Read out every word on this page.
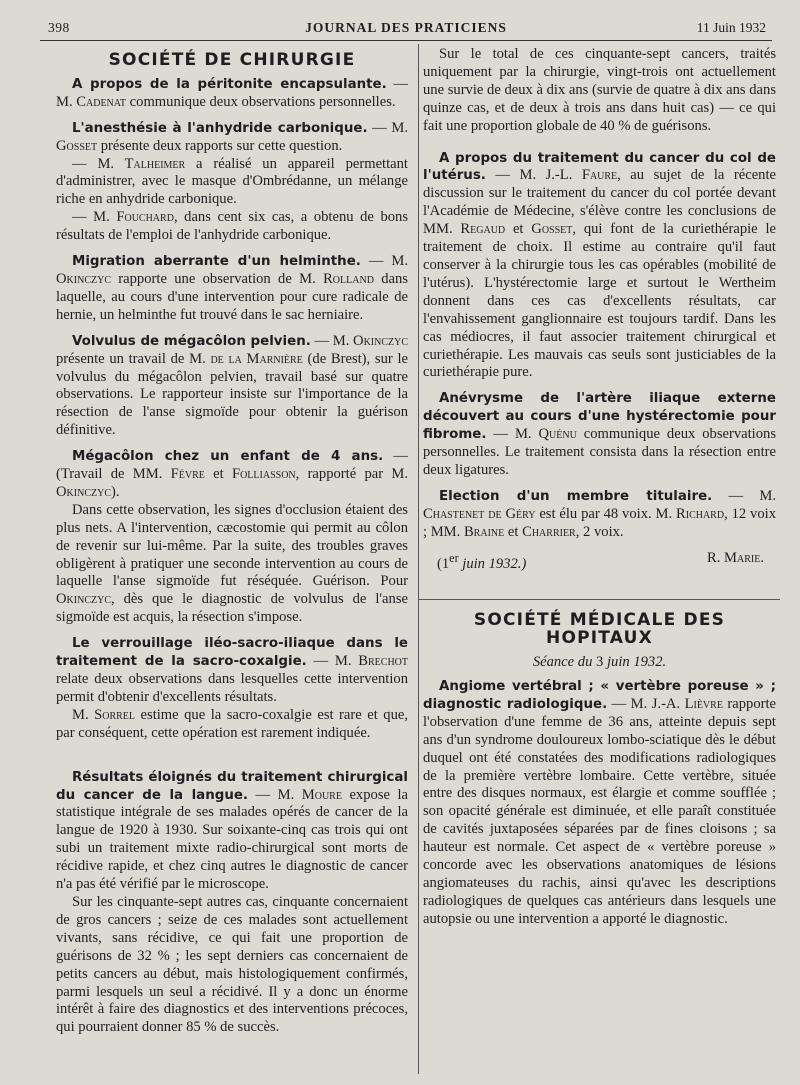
398	JOURNAL DES PRATICIENS	11 Juin 1932
SOCIÉTÉ DE CHIRURGIE

A propos de la péritonite encapsulante. — M. Cadenat communique deux observations personnelles.

L'anesthésie à l'anhydride carbonique. — M. Gosset présente deux rapports sur cette question.

— M. Talheimer a réalisé un appareil permettant d'administrer, avec le masque d'Ombrédanne, un mélange riche en anhydride carbonique.

— M. Fouchard, dans cent six cas, a obtenu de bons résultats de l'emploi de l'anhydride carbonique.

Migration aberrante d'un helminthe. — M. Okinczyc rapporte une observation de M. Rolland dans laquelle, au cours d'une intervention pour cure radicale de hernie, un helminthe fut trouvé dans le sac herniaire.

Volvulus de mégacôlon pelvien. — M. Okinczyc présente un travail de M. de la Marnière (de Brest), sur le volvulus du mégacôlon pelvien, travail basé sur quatre observations. Le rapporteur insiste sur l'importance de la résection de l'anse sigmoïde pour obtenir la guérison définitive.

Mégacôlon chez un enfant de 4 ans. — (Travail de MM. Févre et Folliasson, rapporté par M. Okinczyc).

Dans cette observation, les signes d'occlusion étaient des plus nets. A l'intervention, cæcostomie qui permit au côlon de revenir sur lui-même. Par la suite, des troubles graves obligèrent à pratiquer une seconde intervention au cours de laquelle l'anse sigmoïde fut réséquée. Guérison. Pour Okinczyc, dès que le diagnostic de volvulus de l'anse sigmoïde est acquis, la résection s'impose.

Le verrouillage iléo-sacro-iliaque dans le traitement de la sacro-coxalgie. — M. Brechot relate deux observations dans lesquelles cette intervention permit d'obtenir d'excellents résultats.

M. Sorrel estime que la sacro-coxalgie est rare et que, par conséquent, cette opération est rarement indiquée.

Résultats éloignés du traitement chirurgical du cancer de la langue. — M. Moure expose la statistique intégrale de ses malades opérés de cancer de la langue de 1920 à 1930. Sur soixante-cinq cas trois qui ont subi un traitement mixte radio-chirurgical sont morts de récidive rapide, et chez cinq autres le diagnostic de cancer n'a pas été vérifié par le microscope.

Sur les cinquante-sept autres cas, cinquante concernaient de gros cancers ; seize de ces malades sont actuellement vivants, sans récidive, ce qui fait une proportion de guérisons de 32 % ; les sept derniers cas concernaient de petits cancers au début, mais histologiquement confirmés, parmi lesquels un seul a récidivé. Il y a donc un énorme intérêt à faire des diagnostics et des interventions précoces, qui pourraient donner 85 % de succès.

Sur le total de ces cinquante-sept cancers, traités uniquement par la chirurgie, vingt-trois ont actuellement une survie de deux à dix ans (survie de quatre à dix ans dans quinze cas, et de deux à trois ans dans huit cas) — ce qui fait une proportion globale de 40 % de guérisons.

A propos du traitement du cancer du col de l'utérus. — M. J.-L. Faure, au sujet de la récente discussion sur le traitement du cancer du col portée devant l'Académie de Médecine, s'élève contre les conclusions de MM. Regaud et Gosset, qui font de la curiethérapie le traitement de choix. Il estime au contraire qu'il faut conserver à la chirurgie tous les cas opérables (mobilité de l'utérus). L'hystérectomie large et surtout le Wertheim donnent dans ces cas d'excellents résultats, car l'envahissement ganglionnaire est toujours tardif. Dans les cas médiocres, il faut associer traitement chirurgical et curiethérapie. Les mauvais cas seuls sont justiciables de la curiethérapie pure.

Anévrysme de l'artère iliaque externe découvert au cours d'une hystérectomie pour fibrome. — M. Quénu communique deux observations personnelles. Le traitement consista dans la résection entre deux ligatures.

Election d'un membre titulaire. — M. Chastenet de Géry est élu par 48 voix. M. Richard, 12 voix ; MM. Braine et Charrier, 2 voix.

(1er juin 1932.)	R. Marie.
SOCIÉTÉ MÉDICALE DES HOPITAUX

Séance du 3 juin 1932.

Angiome vertébral ; « vertèbre poreuse » ; diagnostic radiologique. — M. J.-A. Lièvre rapporte l'observation d'une femme de 36 ans, atteinte depuis sept ans d'un syndrome douloureux lombo-sciatique dès le début duquel ont été constatées des modifications radiologiques de la première vertèbre lombaire. Cette vertèbre, située entre des disques normaux, est élargie et comme soufflée ; son opacité générale est diminuée, et elle paraît constituée de cavités juxtaposées séparées par de fines cloisons ; sa hauteur est normale. Cet aspect de « vertèbre poreuse » concorde avec les observations anatomiques de lésions angiomateuses du rachis, ainsi qu'avec les descriptions radiologiques de quelques cas antérieurs dans lesquels une autopsie ou une intervention a apporté le diagnostic.
